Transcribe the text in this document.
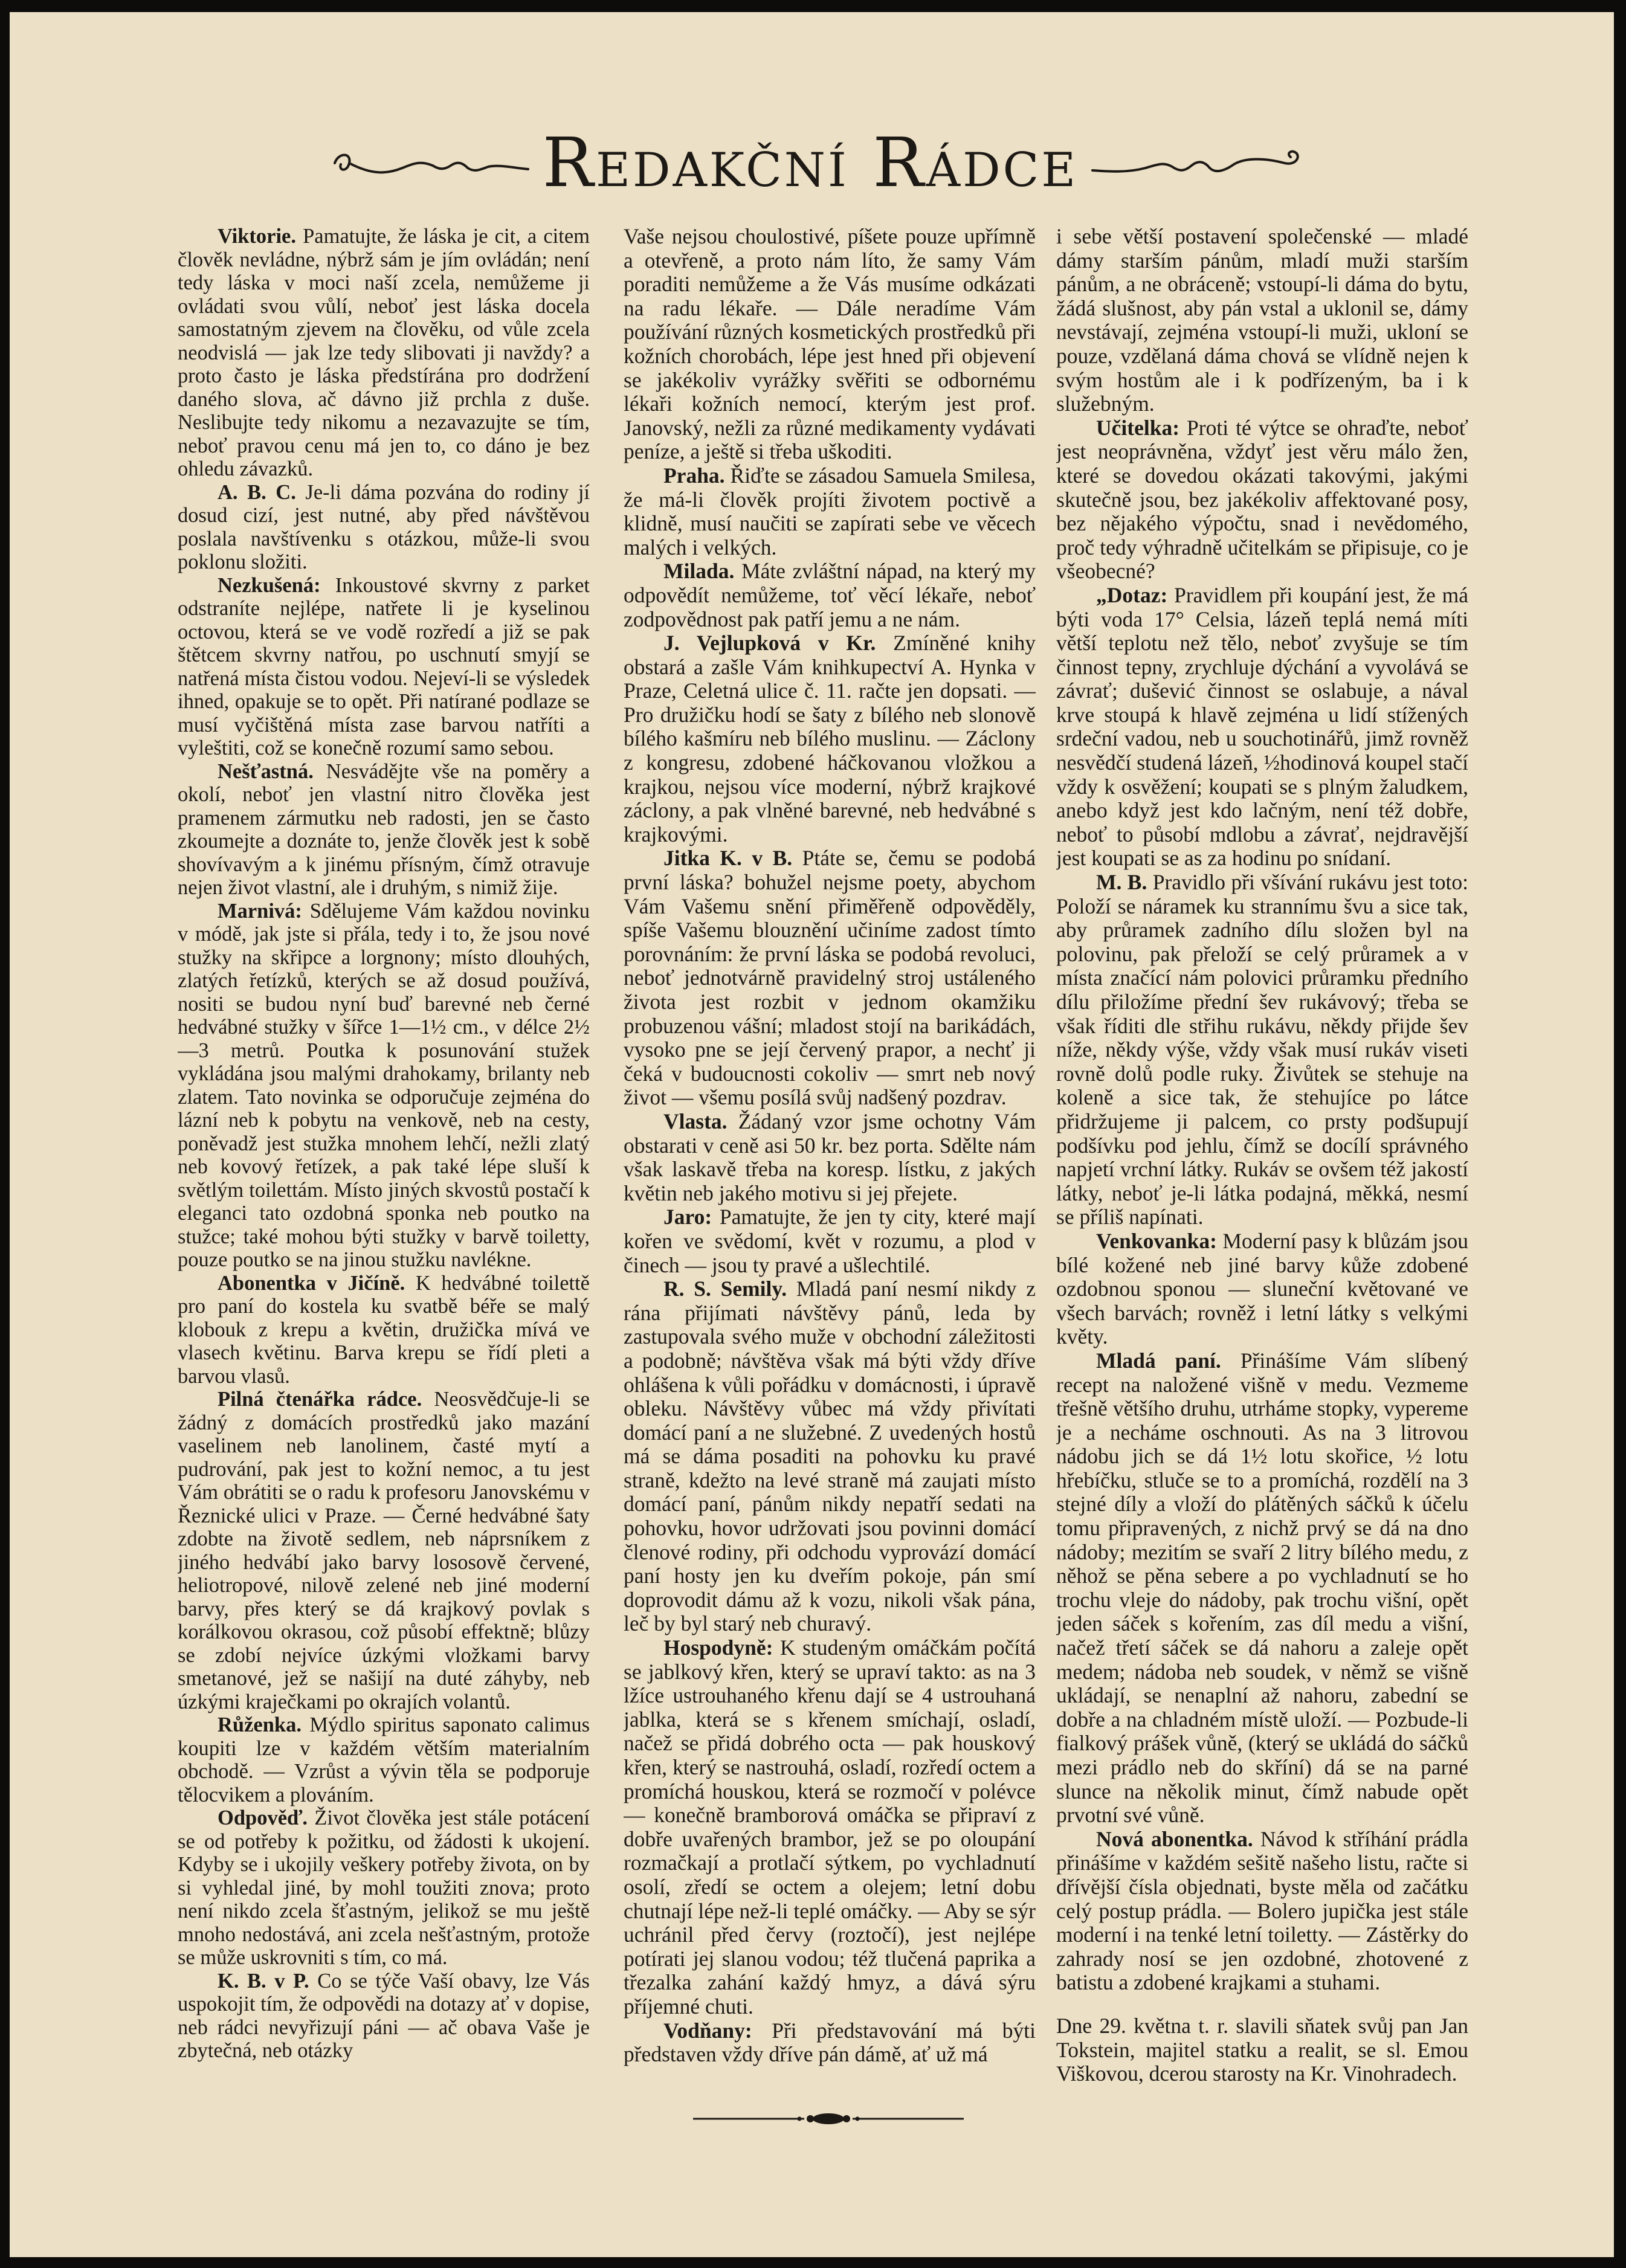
Redakční Rádce

Viktorie. Pamatujte, že láska je cit, a citem člověk nevládne, nýbrž sám je jím ovládán; není tedy láska v moci naší zcela, nemůžeme ji ovládati svou vůlí, neboť jest láska docela samostatným zjevem na člověku, od vůle zcela neodvislá — jak lze tedy slibovati ji navždy? a proto často je láska předstírána pro dodržení daného slova, ač dávno již prchla z duše. Neslibujte tedy nikomu a nezavazujte se tím, neboť pravou cenu má jen to, co dáno je bez ohledu závazků.

A. B. C. Je-li dáma pozvána do rodiny jí dosud cizí, jest nutné, aby před návštěvou poslala navštívenku s otázkou, může-li svou poklonu složiti.

Nezkušená: Inkoustové skvrny z parket odstraníte nejlépe, natřete li je kyselinou octovou, která se ve vodě rozředí a již se pak štětcem skvrny natřou, po uschnutí smyjí se natřená místa čistou vodou. Nejeví-li se výsledek ihned, opakuje se to opět. Při natírané podlaze se musí vyčištěná místa zase barvou natříti a vyleštiti, což se konečně rozumí samo sebou.

Nešťastná. Nesvádějte vše na poměry a okolí, neboť jen vlastní nitro člověka jest pramenem zármutku neb radosti, jen se často zkoumejte a doznáte to, jenže člověk jest k sobě shovívavým a k jinému přísným, čímž otravuje nejen život vlastní, ale i druhým, s nimiž žije.

Marnivá: Sdělujeme Vám každou novinku v módě, jak jste si přála, tedy i to, že jsou nové stužky na skřipce a lorgnony; místo dlouhých, zlatých řetízků, kterých se až dosud používá, nositi se budou nyní buď barevné neb černé hedvábné stužky v šířce 1—1½ cm., v délce 2½—3 metrů. Poutka k posunování stužek vykládána jsou malými drahokamy, brilanty neb zlatem. Tato novinka se odporučuje zejména do lázní neb k pobytu na venkově, neb na cesty, poněvadž jest stužka mnohem lehčí, nežli zlatý neb kovový řetízek, a pak také lépe sluší k světlým toilettám. Místo jiných skvostů postačí k eleganci tato ozdobná sponka neb poutko na stužce; také mohou býti stužky v barvě toiletty, pouze poutko se na jinou stužku navlékne.

Abonentka v Jičíně. K hedvábné toilettě pro paní do kostela ku svatbě béře se malý klobouk z krepu a květin, družička mívá ve vlasech květinu. Barva krepu se řídí pleti a barvou vlasů.

Pilná čtenářka rádce. Neosvědčuje-li se žádný z domácích prostředků jako mazání vaselinem neb lanolinem, časté mytí a pudrování, pak jest to kožní nemoc, a tu jest Vám obrátiti se o radu k profesoru Janovskému v Řeznické ulici v Praze. — Černé hedvábné šaty zdobte na životě sedlem, neb náprsníkem z jiného hedvábí jako barvy lososově červené, heliotropové, nilově zelené neb jiné moderní barvy, přes který se dá krajkový povlak s korálkovou okrasou, což působí effektně; blůzy se zdobí nejvíce úzkými vložkami barvy smetanové, jež se našijí na duté záhyby, neb úzkými kraječkami po okrajích volantů.

Růženka. Mýdlo spiritus saponato calimus koupiti lze v každém větším materialním obchodě. — Vzrůst a vývin těla se podporuje tělocvikem a plováním.

Odpověď. Život člověka jest stále potácení se od potřeby k požitku, od žádosti k ukojení. Kdyby se i ukojily veškery potřeby života, on by si vyhledal jiné, by mohl toužiti znova; proto není nikdo zcela šťastným, jelikož se mu ještě mnoho nedostává, ani zcela nešťastným, protože se může uskrovniti s tím, co má.

K. B. v P. Co se týče Vaší obavy, lze Vás uspokojit tím, že odpovědi na dotazy ať v dopise, neb rádci nevyřizují páni — ač obava Vaše je zbytečná, neb otázky

Vaše nejsou choulostivé, píšete pouze upřímně a otevřeně, a proto nám líto, že samy Vám poraditi nemůžeme a že Vás musíme odkázati na radu lékaře. — Dále neradíme Vám používání různých kosmetických prostředků při kožních chorobách, lépe jest hned při objevení se jakékoliv vyrážky svěřiti se odbornému lékaři kožních nemocí, kterým jest prof. Janovský, nežli za různé medikamenty vydávati peníze, a ještě si třeba uškoditi.

Praha. Řiďte se zásadou Samuela Smilesa, že má-li člověk projíti životem poctivě a klidně, musí naučiti se zapírati sebe ve věcech malých i velkých.

Milada. Máte zvláštní nápad, na který my odpovědít nemůžeme, toť věcí lékaře, neboť zodpovědnost pak patří jemu a ne nám.

J. Vejlupková v Kr. Zmíněné knihy obstará a zašle Vám knihkupectví A. Hynka v Praze, Celetná ulice č. 11. račte jen dopsati. — Pro družičku hodí se šaty z bílého neb slonově bílého kašmíru neb bílého muslinu. — Záclony z kongresu, zdobené háčkovanou vložkou a krajkou, nejsou více moderní, nýbrž krajkové záclony, a pak vlněné barevné, neb hedvábné s krajkovými.

Jitka K. v B. Ptáte se, čemu se podobá první láska? bohužel nejsme poety, abychom Vám Vašemu snění přiměřeně odpověděly, spíše Vašemu blouznění učiníme zadost tímto porovnáním: že první láska se podobá revoluci, neboť jednotvárně pravidelný stroj ustáleného života jest rozbit v jednom okamžiku probuzenou vášní; mladost stojí na barikádách, vysoko pne se její červený prapor, a nechť ji čeká v budoucnosti cokoliv — smrt neb nový život — všemu posílá svůj nadšený pozdrav.

Vlasta. Žádaný vzor jsme ochotny Vám obstarati v ceně asi 50 kr. bez porta. Sdělte nám však laskavě třeba na koresp. lístku, z jakých květin neb jakého motivu si jej přejete.

Jaro: Pamatujte, že jen ty city, které mají kořen ve svědomí, květ v rozumu, a plod v činech — jsou ty pravé a ušlechtilé.

R. S. Semily. Mladá paní nesmí nikdy z rána přijímati návštěvy pánů, leda by zastupovala svého muže v obchodní záležitosti a podobně; návštěva však má býti vždy dříve ohlášena k vůli pořádku v domácnosti, i úpravě obleku. Návštěvy vůbec má vždy přivítati domácí paní a ne služebné. Z uvedených hostů má se dáma posaditi na pohovku ku pravé straně, kdežto na levé straně má zaujati místo domácí paní, pánům nikdy nepatří sedati na pohovku, hovor udržovati jsou povinni domácí členové rodiny, při odchodu vyprovází domácí paní hosty jen ku dveřím pokoje, pán smí doprovodit dámu až k vozu, nikoli však pána, leč by byl starý neb churavý.

Hospodyně: K studeným omáčkám počítá se jablkový křen, který se upraví takto: as na 3 lžíce ustrouhaného křenu dají se 4 ustrouhaná jablka, která se s křenem smíchají, osladí, načež se přidá dobrého octa — pak houskový křen, který se nastrouhá, osladí, rozředí octem a promíchá houskou, která se rozmočí v polévce — konečně bramborová omáčka se připraví z dobře uvařených brambor, jež se po oloupání rozmačkají a protlačí sýtkem, po vychladnutí osolí, zředí se octem a olejem; letní dobu chutnají lépe než-li teplé omáčky. — Aby se sýr uchránil před červy (roztočí), jest nejlépe potírati jej slanou vodou; též tlučená paprika a třezalka zahání každý hmyz, a dává sýru příjemné chuti.

Vodňany: Při představování má býti představen vždy dříve pán dámě, ať už má

i sebe větší postavení společenské — mladé dámy starším pánům, mladí muži starším pánům, a ne obráceně; vstoupí-li dáma do bytu, žádá slušnost, aby pán vstal a uklonil se, dámy nevstávají, zejména vstoupí-li muži, ukloní se pouze, vzdělaná dáma chová se vlídně nejen k svým hostům ale i k podřízeným, ba i k služebným.

Učitelka: Proti té výtce se ohraďte, neboť jest neoprávněna, vždyť jest věru málo žen, které se dovedou okázati takovými, jakými skutečně jsou, bez jakékoliv affektované posy, bez nějakého výpočtu, snad i nevědomého, proč tedy výhradně učitelkám se připisuje, co je všeobecné?

„Dotaz: Pravidlem při koupání jest, že má býti voda 17° Celsia, lázeň teplá nemá míti větší teplotu než tělo, neboť zvyšuje se tím činnost tepny, zrychluje dýchání a vyvolává se závrať; dušević činnost se oslabuje, a nával krve stoupá k hlavě zejména u lidí stížených srdeční vadou, neb u souchotinářů, jimž rovněž nesvědčí studená lázeň, ½hodinová koupel stačí vždy k osvěžení; koupati se s plným žaludkem, anebo když jest kdo lačným, není též dobře, neboť to působí mdlobu a závrať, nejdravější jest koupati se as za hodinu po snídaní.

M. B. Pravidlo při všívání rukávu jest toto: Položí se náramek ku strannímu švu a sice tak, aby průramek zadního dílu složen byl na polovinu, pak přeloží se celý průramek a v místa značící nám polovici průramku předního dílu přiložíme přední šev rukávový; třeba se však říditi dle střihu rukávu, někdy přijde šev níže, někdy výše, vždy však musí rukáv viseti rovně dolů podle ruky. Živůtek se stehuje na koleně a sice tak, že stehujíce po látce přidržujeme ji palcem, co prsty podšupují podšívku pod jehlu, čímž se docílí správného napjetí vrchní látky. Rukáv se ovšem též jakostí látky, neboť je-li látka podajná, měkká, nesmí se příliš napínati.

Venkovanka: Moderní pasy k blůzám jsou bílé kožené neb jiné barvy kůže zdobené ozdobnou sponou — sluneční květované ve všech barvách; rovněž i letní látky s velkými květy.

Mladá paní. Přinášíme Vám slíbený recept na naložené višně v medu. Vezmeme třešně většího druhu, utrháme stopky, vypereme je a necháme oschnouti. As na 3 litrovou nádobu jich se dá 1½ lotu skořice, ½ lotu hřebíčku, stluče se to a promíchá, rozdělí na 3 stejné díly a vloží do plátěných sáčků k účelu tomu připravených, z nichž prvý se dá na dno nádoby; mezitím se svaří 2 litry bílého medu, z něhož se pěna sebere a po vychladnutí se ho trochu vleje do nádoby, pak trochu višní, opět jeden sáček s kořením, zas díl medu a višní, načež třetí sáček se dá nahoru a zaleje opět medem; nádoba neb soudek, v němž se višně ukládají, se nenaplní až nahoru, zabední se dobře a na chladném místě uloží. — Pozbude-li fialkový prášek vůně, (který se ukládá do sáčků mezi prádlo neb do skříní) dá se na parné slunce na několik minut, čímž nabude opět prvotní své vůně.

Nová abonentka. Návod k stříhání prádla přinášíme v každém sešitě našeho listu, račte si dřívější čísla objednati, byste měla od začátku celý postup prádla. — Bolero jupička jest stále moderní i na tenké letní toiletty. — Zástěrky do zahrady nosí se jen ozdobné, zhotovené z batistu a zdobené krajkami a stuhami.

Dne 29. května t. r. slavili sňatek svůj pan Jan Tokstein, majitel statku a realit, se sl. Emou Viškovou, dcerou starosty na Kr. Vinohradech.
